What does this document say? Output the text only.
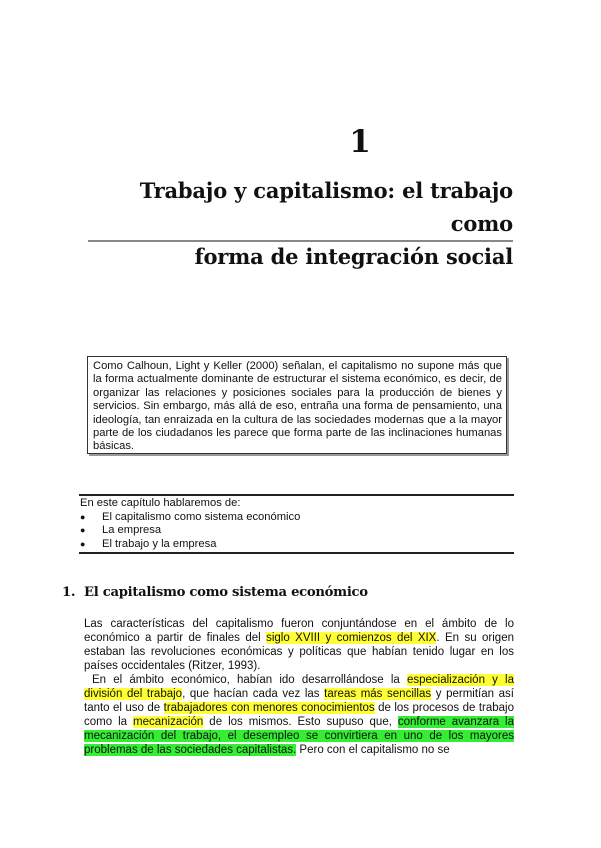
1
Trabajo y capitalismo: el trabajo como
forma de integración social
Como Calhoun, Light y Keller (2000) señalan, el capitalismo no supone más que la forma actualmente dominante de estructurar el sistema económico, es decir, de organizar las relaciones y posiciones sociales para la producción de bienes y servicios. Sin embargo, más allá de eso, entraña una forma de pensamiento, una ideología, tan enraizada en la cultura de las sociedades modernas que a la mayor parte de los ciudadanos les parece que forma parte de las inclinaciones humanas básicas.
En este capítulo hablaremos de:
● El capitalismo como sistema económico
● La empresa
● El trabajo y la empresa
1. El capitalismo como sistema económico

Las características del capitalismo fueron conjuntándose en el ámbito de lo económico a partir de finales del siglo XVIII y comienzos del XIX. En su origen estaban las revoluciones económicas y políticas que habían tenido lugar en los países occidentales (Ritzer, 1993).

En el ámbito económico, habían ido desarrollándose la especialización y la división del trabajo, que hacían cada vez las tareas más sencillas y permitían así tanto el uso de trabajadores con menores conocimientos de los procesos de trabajo como la mecanización de los mismos. Esto supuso que, conforme avanzara la mecanización del trabajo, el desempleo se convirtiera en uno de los mayores problemas de las sociedades capitalistas. Pero con el capitalismo no se
